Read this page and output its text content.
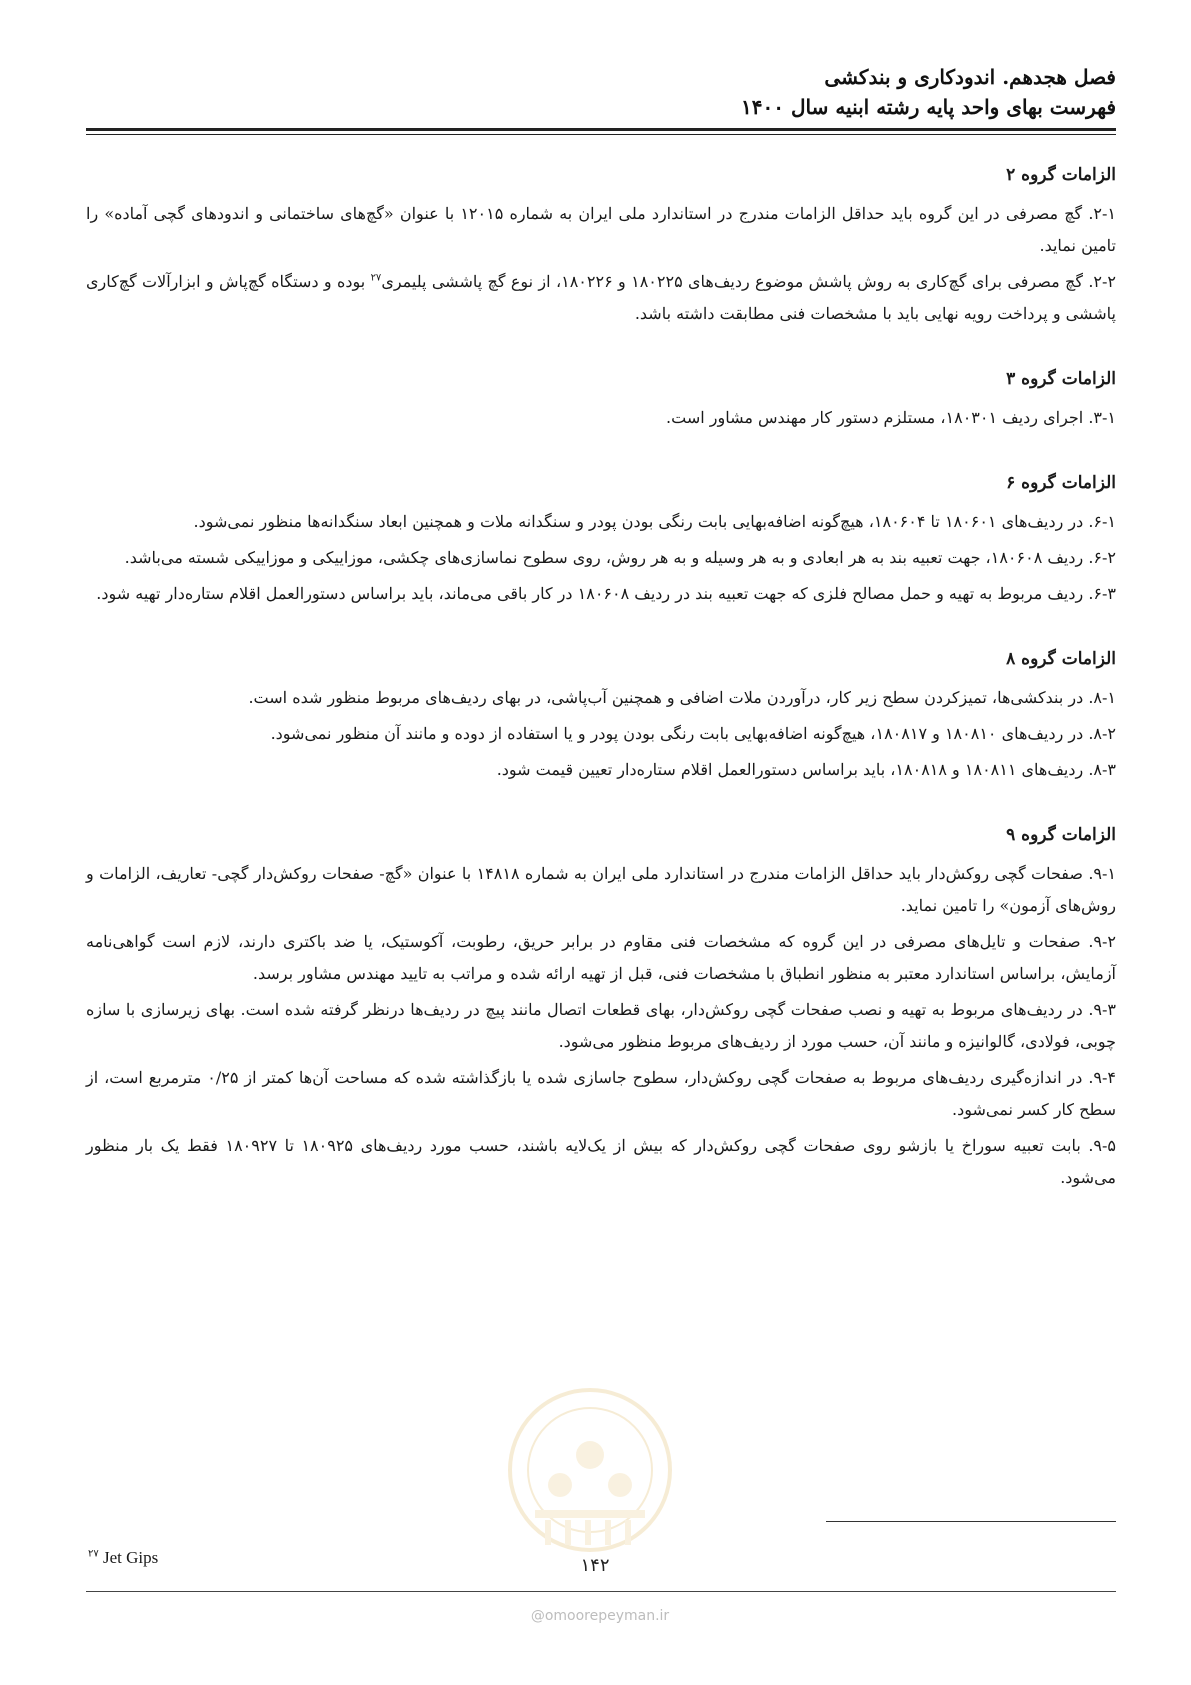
فصل هجدهم. اندودکاری و بندکشی
فهرست بهای واحد پایه رشته ابنیه سال ۱۴۰۰
الزامات گروه ۲

۲-۱. گچ مصرفی در این گروه باید حداقل الزامات مندرج در استاندارد ملی ایران به شماره ۱۲۰۱۵ با عنوان «گچ‌های ساختمانی و اندودهای گچی آماده» را تامین نماید.

۲-۲. گچ مصرفی برای گچ‌کاری به روش پاشش موضوع ردیف‌های ۱۸۰۲۲۵ و ۱۸۰۲۲۶، از نوع گچ پاششی پلیمری$^{۲۷}$ بوده و دستگاه گچ‌پاش و ابزارآلات گچ‌کاری پاششی و پرداخت رویه نهایی باید با مشخصات فنی مطابقت داشته باشد.

الزامات گروه ۳

۳-۱. اجرای ردیف ۱۸۰۳۰۱، مستلزم دستور کار مهندس مشاور است.

الزامات گروه ۶

۶-۱. در ردیف‌های ۱۸۰۶۰۱ تا ۱۸۰۶۰۴، هیچ‌گونه اضافه‌بهایی بابت رنگی بودن پودر و سنگدانه ملات و همچنین ابعاد سنگدانه‌ها منظور نمی‌شود.

۶-۲. ردیف ۱۸۰۶۰۸، جهت تعبیه بند به هر ابعادی و به هر وسیله و به هر روش، روی سطوح نماسازی‌های چکشی، موزاییکی و موزاییکی شسته می‌باشد.

۶-۳. ردیف مربوط به تهیه و حمل مصالح فلزی که جهت تعبیه بند در ردیف ۱۸۰۶۰۸ در کار باقی می‌ماند، باید براساس دستورالعمل اقلام ستاره‌دار تهیه شود.

الزامات گروه ۸

۸-۱. در بندکشی‌ها، تمیزکردن سطح زیر کار، درآوردن ملات اضافی و همچنین آب‌پاشی، در بهای ردیف‌های مربوط منظور شده است.

۸-۲. در ردیف‌های ۱۸۰۸۱۰ و ۱۸۰۸۱۷، هیچ‌گونه اضافه‌بهایی بابت رنگی بودن پودر و یا استفاده از دوده و مانند آن منظور نمی‌شود.

۸-۳. ردیف‌های ۱۸۰۸۱۱ و ۱۸۰۸۱۸، باید براساس دستورالعمل اقلام ستاره‌دار تعیین قیمت شود.

الزامات گروه ۹

۹-۱. صفحات گچی روکش‌دار باید حداقل الزامات مندرج در استاندارد ملی ایران به شماره ۱۴۸۱۸ با عنوان «گچ- صفحات روکش‌دار گچی- تعاریف، الزامات و روش‌های آزمون» را تامین نماید.

۹-۲. صفحات و تایل‌های مصرفی در این گروه که مشخصات فنی مقاوم در برابر حریق، رطوبت، آکوستیک، یا ضد باکتری دارند، لازم است گواهی‌نامه آزمایش، براساس استاندارد معتبر به منظور انطباق با مشخصات فنی، قبل از تهیه ارائه شده و مراتب به تایید مهندس مشاور برسد.

۹-۳. در ردیف‌های مربوط به تهیه و نصب صفحات گچی روکش‌دار، بهای قطعات اتصال مانند پیچ در ردیف‌ها درنظر گرفته شده است. بهای زیرسازی با سازه چوبی، فولادی، گالوانیزه و مانند آن، حسب مورد از ردیف‌های مربوط منظور می‌شود.

۹-۴. در اندازه‌گیری ردیف‌های مربوط به صفحات گچی روکش‌دار، سطوح جاسازی شده یا بازگذاشته شده که مساحت آن‌ها کمتر از ۰/۲۵ مترمربع است، از سطح کار کسر نمی‌شود.

۹-۵. بابت تعبیه سوراخ یا بازشو روی صفحات گچی روکش‌دار که بیش از یک‌لایه باشند، حسب مورد ردیف‌های ۱۸۰۹۲۵ تا ۱۸۰۹۲۷ فقط یک بار منظور می‌شود.

$^{۲۷}$ Jet Gips	۱۴۲
@omoorepeyman.ir
